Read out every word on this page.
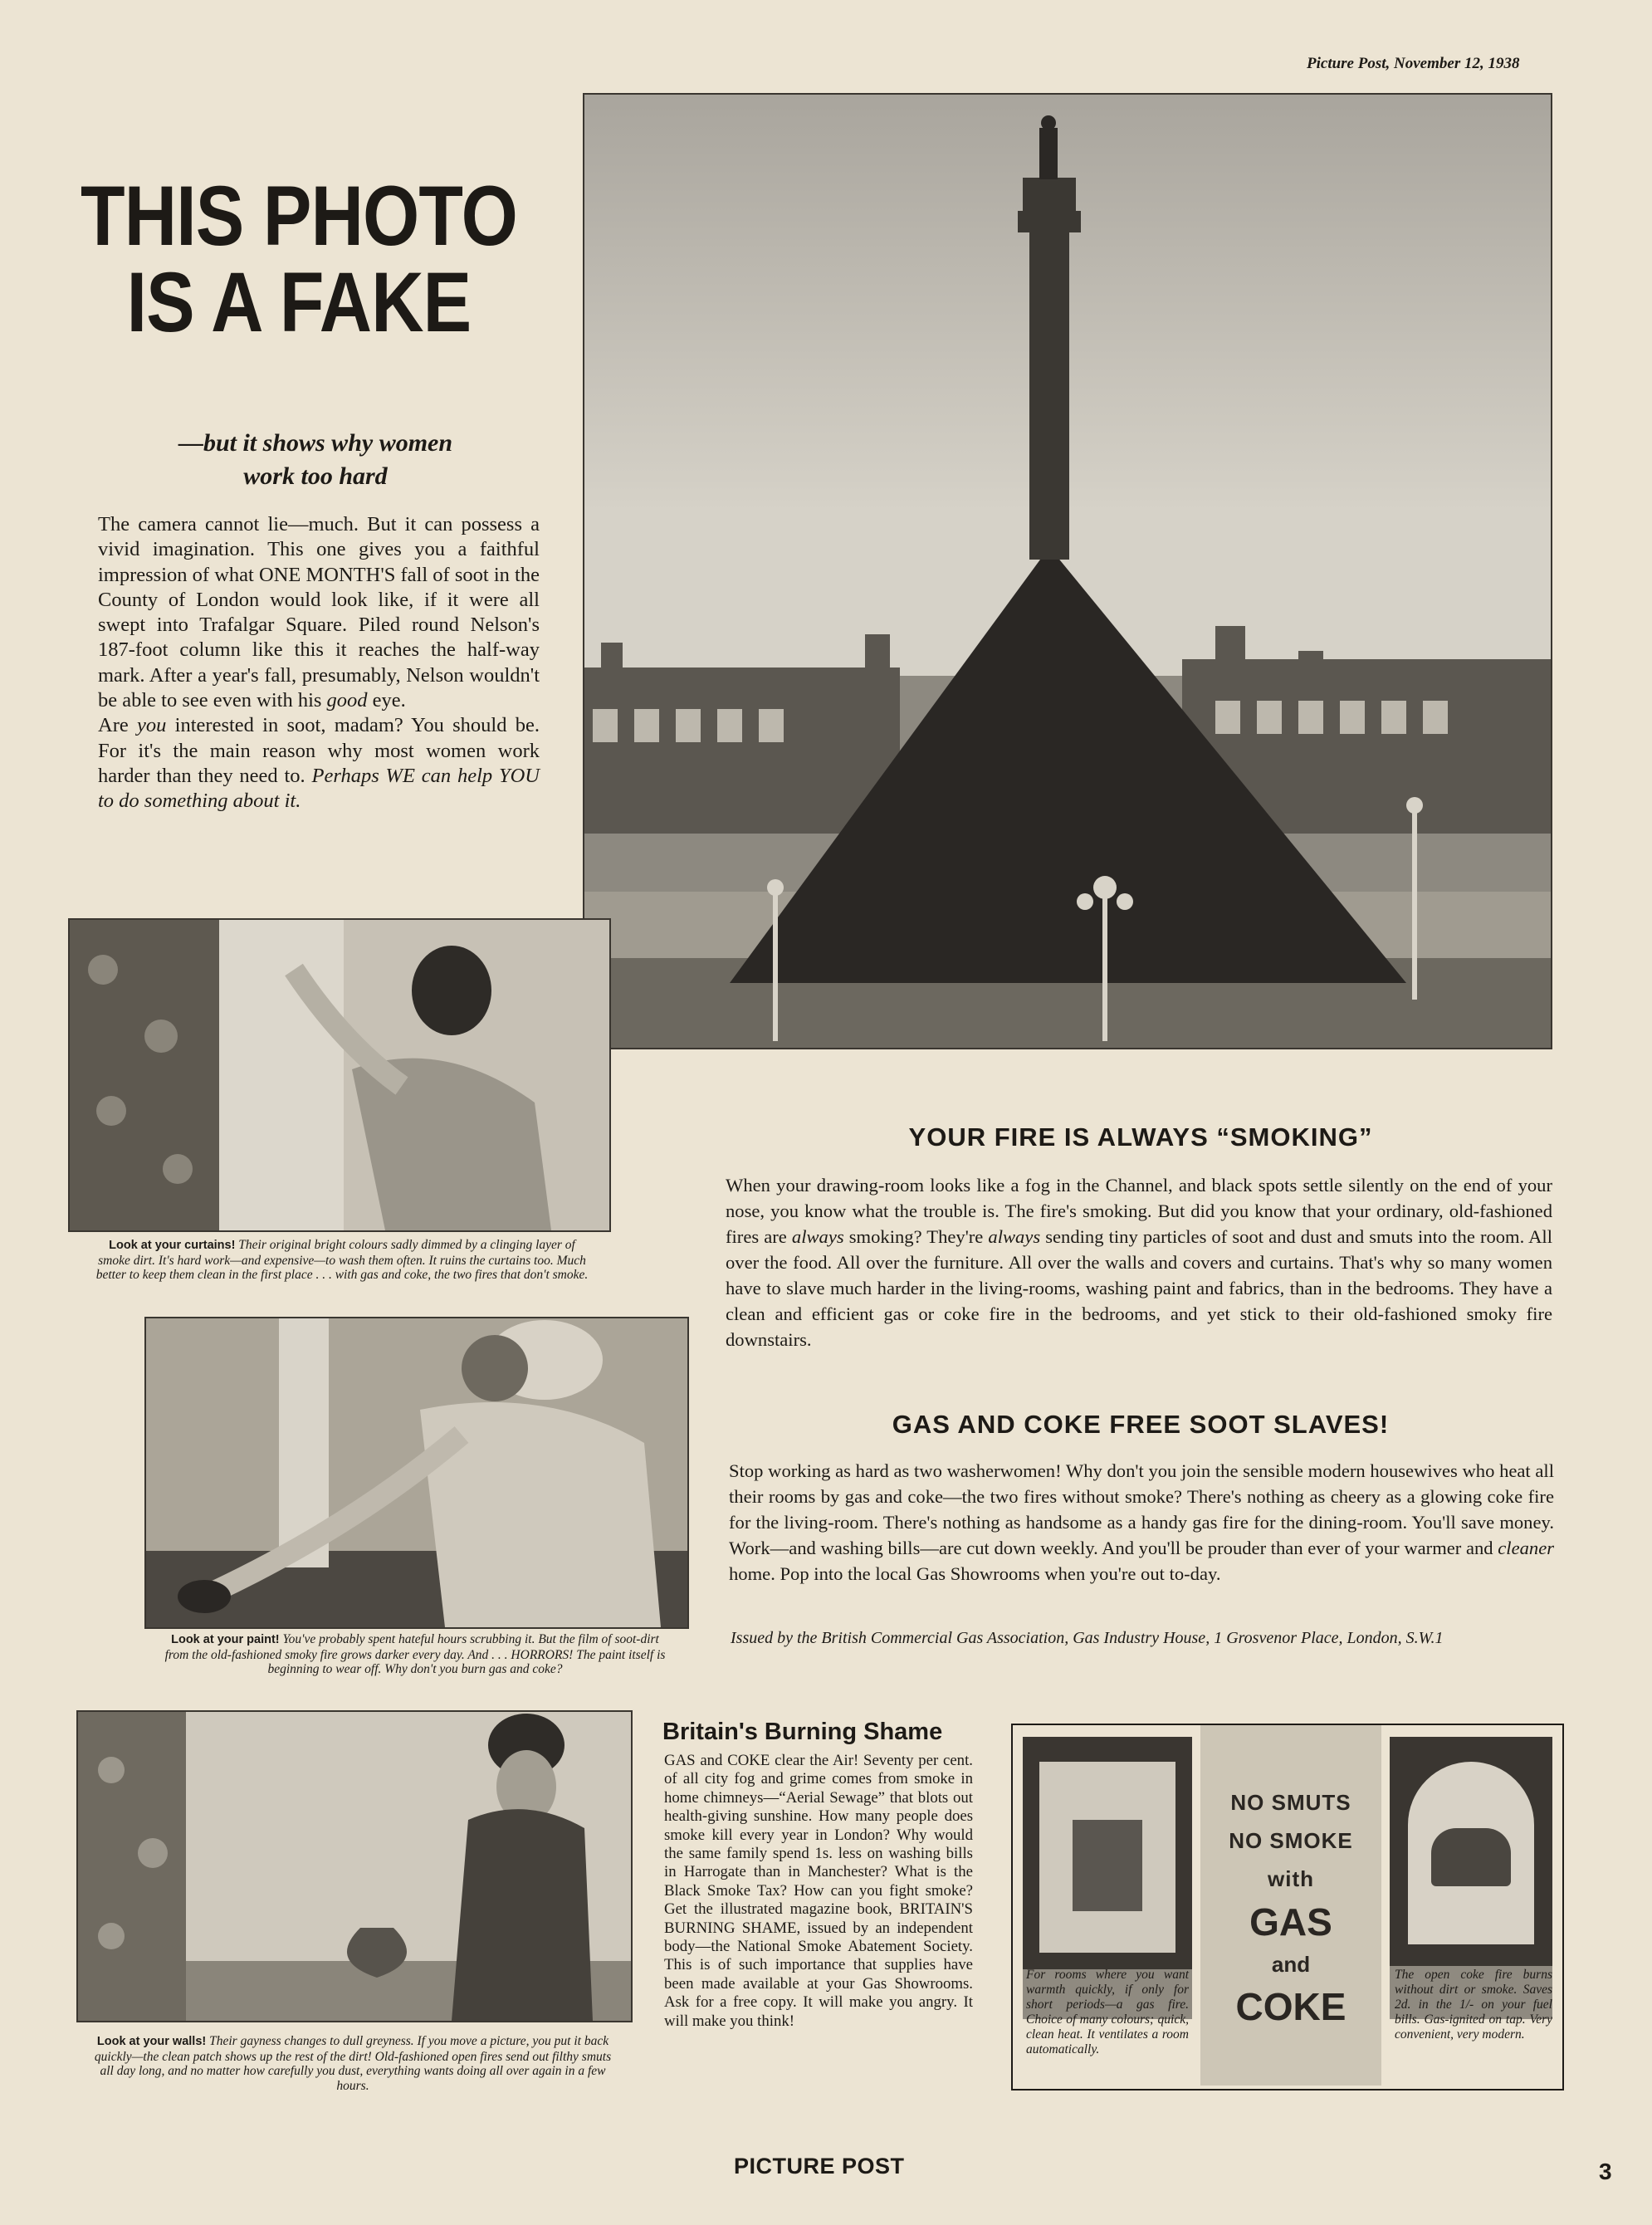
Picture Post, November 12, 1938
THIS PHOTO
IS A FAKE
—but it shows why women
work too hard
The camera cannot lie—much. But it can possess a vivid imagination. This one gives you a faithful impression of what ONE MONTH'S fall of soot in the County of London would look like, if it were all swept into Trafalgar Square. Piled round Nelson's 187-foot column like this it reaches the half-way mark. After a year's fall, presumably, Nelson wouldn't be able to see even with his good eye.
Are you interested in soot, madam? You should be. For it's the main reason why most women work harder than they need to. Perhaps WE can help YOU to do something about it.
Look at your curtains! Their original bright colours sadly dimmed by a clinging layer of smoke dirt. It's hard work—and expensive—to wash them often. It ruins the curtains too. Much better to keep them clean in the first place . . . with gas and coke, the two fires that don't smoke.
Look at your paint! You've probably spent hateful hours scrubbing it. But the film of soot-dirt from the old-fashioned smoky fire grows darker every day. And . . . HORRORS! The paint itself is beginning to wear off. Why don't you burn gas and coke?
Look at your walls! Their gayness changes to dull greyness. If you move a picture, you put it back quickly—the clean patch shows up the rest of the dirt! Old-fashioned open fires send out filthy smuts all day long, and no matter how carefully you dust, everything wants doing all over again in a few hours.
YOUR FIRE IS ALWAYS “SMOKING”
When your drawing-room looks like a fog in the Channel, and black spots settle silently on the end of your nose, you know what the trouble is. The fire's smoking. But did you know that your ordinary, old-fashioned fires are always smoking? They're always sending tiny particles of soot and dust and smuts into the room. All over the food. All over the furniture. All over the walls and covers and curtains. That's why so many women have to slave much harder in the living-rooms, washing paint and fabrics, than in the bedrooms. They have a clean and efficient gas or coke fire in the bedrooms, and yet stick to their old-fashioned smoky fire downstairs.
GAS AND COKE FREE SOOT SLAVES!
Stop working as hard as two washerwomen! Why don't you join the sensible modern housewives who heat all their rooms by gas and coke—the two fires without smoke? There's nothing as cheery as a glowing coke fire for the living-room. There's nothing as handsome as a handy gas fire for the dining-room. You'll save money. Work—and washing bills—are cut down weekly. And you'll be prouder than ever of your warmer and cleaner home. Pop into the local Gas Showrooms when you're out to-day.
Issued by the British Commercial Gas Association, Gas Industry House, 1 Grosvenor Place, London, S.W.1
Britain's Burning Shame
GAS and COKE clear the Air! Seventy per cent. of all city fog and grime comes from smoke in home chimneys—“Aerial Sewage” that blots out health-giving sunshine. How many people does smoke kill every year in London? Why would the same family spend 1s. less on washing bills in Harrogate than in Manchester? What is the Black Smoke Tax? How can you fight smoke? Get the illustrated magazine book, BRITAIN'S BURNING SHAME, issued by an independent body—the National Smoke Abatement Society. This is of such importance that supplies have been made available at your Gas Showrooms. Ask for a free copy. It will make you angry. It will make you think!
For rooms where you want warmth quickly, if only for short periods—a gas fire. Choice of many colours; quick, clean heat. It ventilates a room automatically.
NO SMUTS
NO SMOKE
with
GAS
and
COKE
The open coke fire burns without dirt or smoke. Saves 2d. in the 1/- on your fuel bills. Gas-ignited on tap. Very convenient, very modern.
PICTURE POST	3
